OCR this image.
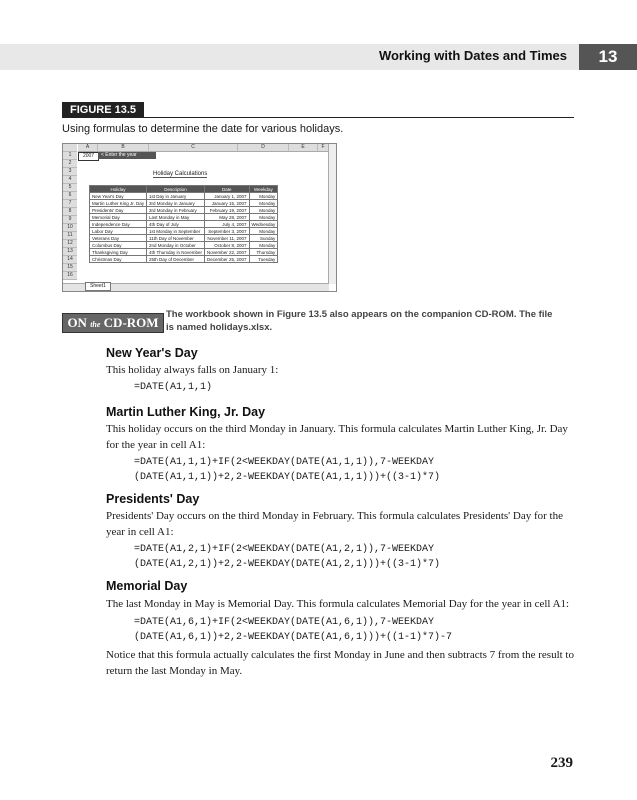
Working with Dates and Times	13
FIGURE 13.5
Using formulas to determine the date for various holidays.
A	B	C	D	E	F
1
2
3
4
5
6
7
8
9
10
11
12
13
14
15
16
2007	< Enter the year
Holiday Calculations
Holiday	Description	Date	Weekday
New Year's Day	1st Day in January	January 1, 2007	Monday
Martin Luther King Jr. Day	3rd Monday in January	January 15, 2007	Monday
Presidents' Day	3rd Monday in February	February 19, 2007	Monday
Memorial Day	Last Monday in May	May 28, 2007	Monday
Independence Day	4th Day of July	July 4, 2007	Wednesday
Labor Day	1st Monday in September	September 3, 2007	Monday
Veterans Day	11th Day of November	November 11, 2007	Sunday
Columbus Day	2nd Monday in October	October 8, 2007	Monday
Thanksgiving Day	4th Thursday in November	November 22, 2007	Thursday
Christmas Day	25th Day of December	December 25, 2007	Tuesday
Sheet1
ON the CD-ROM
The workbook shown in Figure 13.5 also appears on the companion CD-ROM. The file is named holidays.xlsx.
New Year's Day
This holiday always falls on January 1:
=DATE(A1,1,1)
Martin Luther King, Jr. Day
This holiday occurs on the third Monday in January. This formula calculates Martin Luther King, Jr. Day for the year in cell A1:
=DATE(A1,1,1)+IF(2<WEEKDAY(DATE(A1,1,1)),7-WEEKDAY
(DATE(A1,1,1))+2,2-WEEKDAY(DATE(A1,1,1)))+((3-1)*7)
Presidents' Day
Presidents' Day occurs on the third Monday in February. This formula calculates Presidents' Day for the year in cell A1:
=DATE(A1,2,1)+IF(2<WEEKDAY(DATE(A1,2,1)),7-WEEKDAY
(DATE(A1,2,1))+2,2-WEEKDAY(DATE(A1,2,1)))+((3-1)*7)
Memorial Day
The last Monday in May is Memorial Day. This formula calculates Memorial Day for the year in cell A1:
=DATE(A1,6,1)+IF(2<WEEKDAY(DATE(A1,6,1)),7-WEEKDAY
(DATE(A1,6,1))+2,2-WEEKDAY(DATE(A1,6,1)))+((1-1)*7)-7
Notice that this formula actually calculates the first Monday in June and then subtracts 7 from the result to return the last Monday in May.
239
